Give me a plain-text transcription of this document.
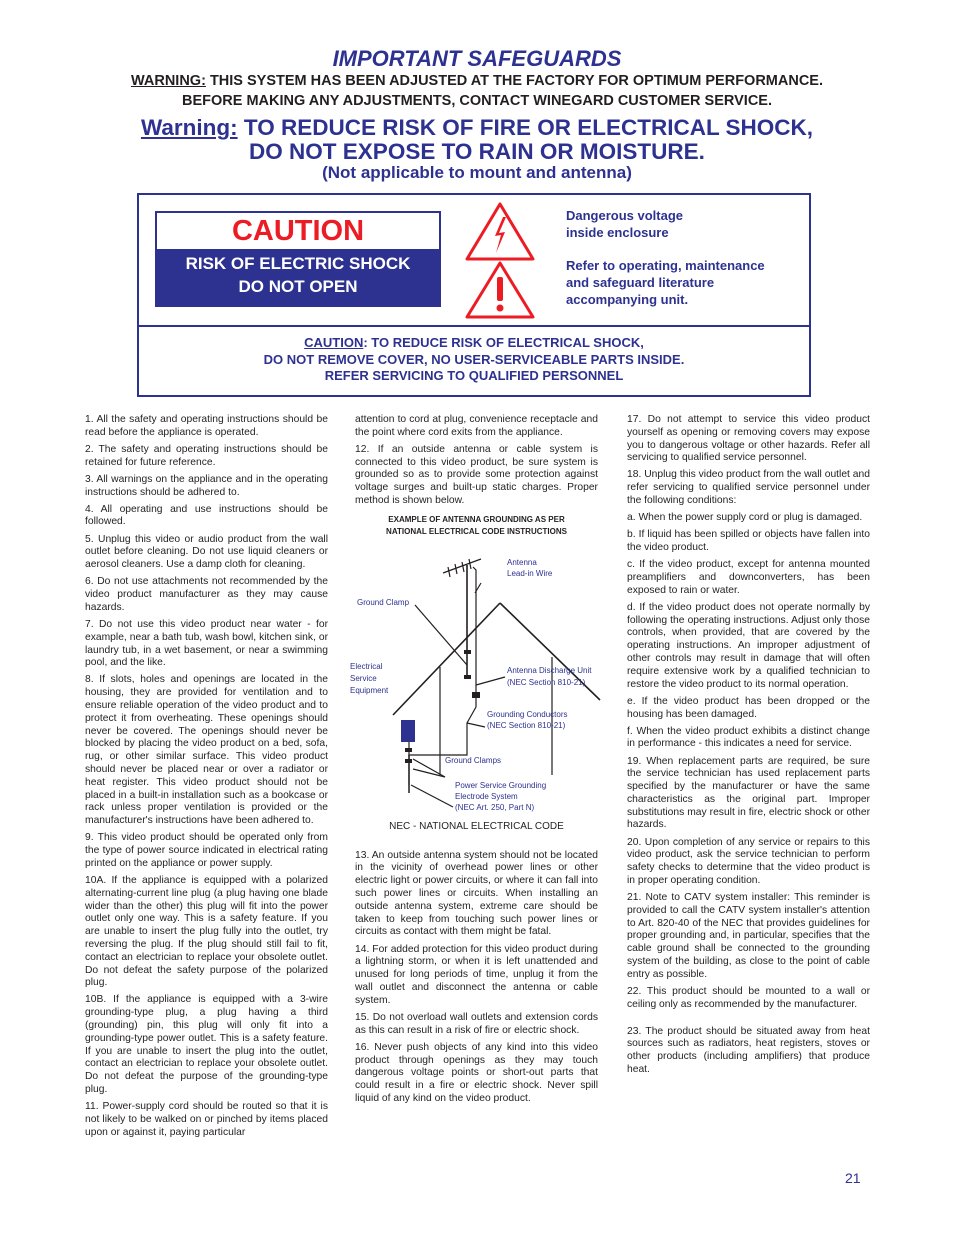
IMPORTANT SAFEGUARDS
WARNING: THIS SYSTEM HAS BEEN ADJUSTED AT THE FACTORY FOR OPTIMUM PERFORMANCE.
BEFORE MAKING ANY ADJUSTMENTS, CONTACT WINEGARD CUSTOMER SERVICE.
Warning: TO REDUCE RISK OF FIRE OR ELECTRICAL SHOCK,
DO NOT EXPOSE TO RAIN OR MOISTURE.
(Not applicable to mount and antenna)
CAUTION
RISK OF ELECTRIC SHOCK
DO NOT OPEN
Dangerous voltage
inside enclosure
Refer to operating, maintenance
and safeguard literature
accompanying unit.
CAUTION: TO REDUCE RISK OF ELECTRICAL SHOCK,
DO NOT REMOVE COVER, NO USER-SERVICEABLE PARTS INSIDE.
REFER SERVICING TO QUALIFIED PERSONNEL

1. All the safety and operating instructions should be read before the appliance is operated.

2. The safety and operating instructions should be retained for future reference.

3. All warnings on the appliance and in the operating instructions should be adhered to.

4. All operating and use instructions should be followed.

5. Unplug this video or audio product from the wall outlet before cleaning. Do not use liquid cleaners or aerosol cleaners. Use a damp cloth for cleaning.

6. Do not use attachments not recommended by the video product manufacturer as they may cause hazards.

7. Do not use this video product near water - for example, near a bath tub, wash bowl, kitchen sink, or laundry tub, in a wet basement, or near a swimming pool, and the like.

8. If slots, holes and openings are located in the housing, they are provided for ventilation and to ensure reliable operation of the video product and to protect it from overheating. These openings should never be covered. The openings should never be blocked by placing the video product on a bed, sofa, rug, or other similar surface. This video product should never be placed near or over a radiator or heat register. This video product should not be placed in a built-in installation such as a bookcase or rack unless proper ventilation is provided or the manufacturer's instructions have been adhered to.

9. This video product should be operated only from the type of power source indicated in electrical rating printed on the appliance or power supply.

10A. If the appliance is equipped with a polarized alternating-current line plug (a plug having one blade wider than the other) this plug will fit into the power outlet only one way. This is a safety feature. If you are unable to insert the plug fully into the outlet, try reversing the plug. If the plug should still fail to fit, contact an electrician to replace your obsolete outlet. Do not defeat the safety purpose of the polarized plug.

10B. If the appliance is equipped with a 3-wire grounding-type plug, a plug having a third (grounding) pin, this plug will only fit into a grounding-type power outlet. This is a safety feature. If you are unable to insert the plug into the outlet, contact an electrician to replace your obsolete outlet. Do not defeat the purpose of the grounding-type plug.

11. Power-supply cord should be routed so that it is not likely to be walked on or pinched by items placed upon or against it, paying particular

attention to cord at plug, convenience receptacle and the point where cord exits from the appliance.

12. If an outside antenna or cable system is connected to this video product, be sure system is grounded so as to provide some protection against voltage surges and built-up static charges. Proper method is shown below.

EXAMPLE OF ANTENNA GROUNDING AS PER
NATIONAL ELECTRICAL CODE INSTRUCTIONS
Antenna
Lead-in Wire
Ground Clamp
Electrical
Service
Equipment
Antenna Discharge Unit
(NEC Section 810-21)
Grounding Conductors
(NEC Section 810-21)
Ground Clamps
Power Service Grounding
Electrode System
(NEC Art. 250, Part N)
NEC - NATIONAL ELECTRICAL CODE

13. An outside antenna system should not be located in the vicinity of overhead power lines or other electric light or power circuits, or where it can fall into such power lines or circuits. When installing an outside antenna system, extreme care should be taken to keep from touching such power lines or circuits as contact with them might be fatal.

14. For added protection for this video product during a lightning storm, or when it is left unattended and unused for long periods of time, unplug it from the wall outlet and disconnect the antenna or cable system.

15. Do not overload wall outlets and extension cords as this can result in a risk of fire or electric shock.

16. Never push objects of any kind into this video product through openings as they may touch dangerous voltage points or short-out parts that could result in a fire or electric shock. Never spill liquid of any kind on the video product.

17. Do not attempt to service this video product yourself as opening or removing covers may expose you to dangerous voltage or other hazards. Refer all servicing to qualified service personnel.

18. Unplug this video product from the wall outlet and refer servicing to qualified service personnel under the following conditions:

a. When the power supply cord or plug is damaged.

b. If liquid has been spilled or objects have fallen into the video product.

c. If the video product, except for antenna mounted preamplifiers and downconverters, has been exposed to rain or water.

d. If the video product does not operate normally by following the operating instructions. Adjust only those controls, when provided, that are covered by the operating instructions. An improper adjustment of other controls may result in damage that will often require extensive work by a qualified technician to restore the video product to its normal operation.

e. If the video product has been dropped or the housing has been damaged.

f. When the video product exhibits a distinct change in performance - this indicates a need for service.

19. When replacement parts are required, be sure the service technician has used replacement parts specified by the manufacturer or have the same characteristics as the original part. Improper substitutions may result in fire, electric shock or other hazards.

20. Upon completion of any service or repairs to this video product, ask the service technician to perform safety checks to determine that the video product is in proper operating condition.

21. Note to CATV system installer: This reminder is provided to call the CATV system installer's attention to Art. 820-40 of the NEC that provides guidelines for proper grounding and, in particular, specifies that the cable ground shall be connected to the grounding system of the building, as close to the point of cable entry as possible.

22. This product should be mounted to a wall or ceiling only as recommended by the manufacturer.

23. The product should be situated away from heat sources such as radiators, heat registers, stoves or other products (including amplifiers) that produce heat.

21
